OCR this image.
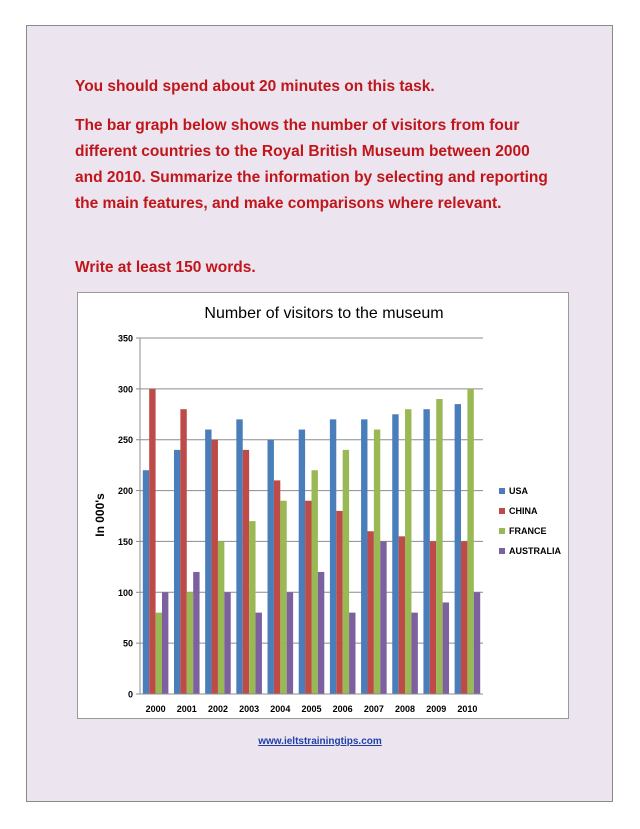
You should spend about 20 minutes on this task.

The bar graph below shows the number of visitors from four different countries to the Royal British Museum between 2000 and 2010. Summarize the information by selecting and reporting the main features, and make comparisons where relevant.

Write at least 150 words.

Number of visitors to the museum
In 000's
0
50
100
150
200
250
300
350
2000 2001 2002 2003 2004 2005 2006 2007 2008 2009 2010
USA
CHINA
FRANCE
AUSTRALIA
www.ieltstrainingtips.com
